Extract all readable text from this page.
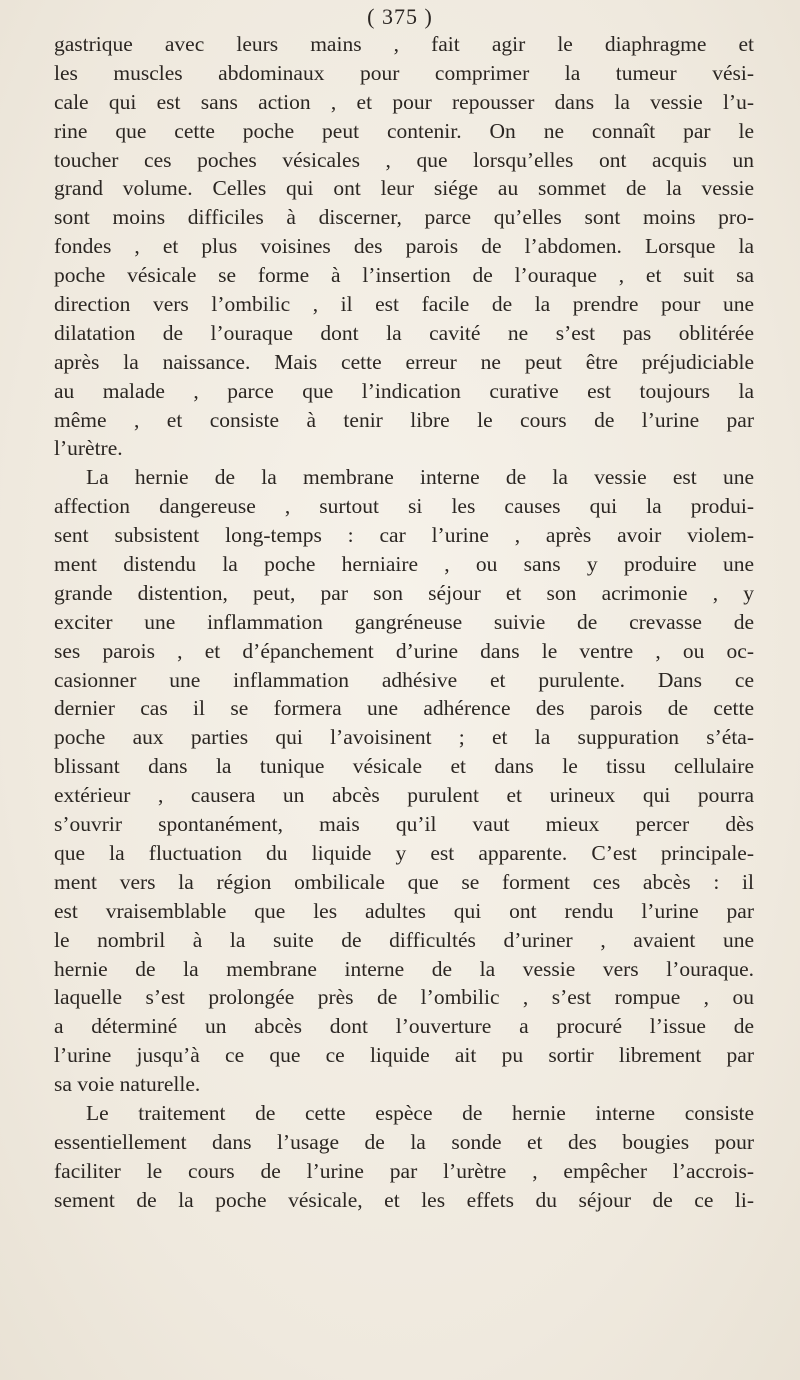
( 375 )
gastrique avec leurs mains , fait agir le diaphragme et
les muscles abdominaux pour comprimer la tumeur vési-
cale qui est sans action , et pour repousser dans la vessie l’u-
rine que cette poche peut contenir. On ne connaît par le
toucher ces poches vésicales , que lorsqu’elles ont acquis un
grand volume. Celles qui ont leur siége au sommet de la vessie
sont moins difficiles à discerner, parce qu’elles sont moins pro-
fondes , et plus voisines des parois de l’abdomen. Lorsque la
poche vésicale se forme à l’insertion de l’ouraque , et suit sa
direction vers l’ombilic , il est facile de la prendre pour une
dilatation de l’ouraque dont la cavité ne s’est pas oblitérée
après la naissance. Mais cette erreur ne peut être préjudiciable
au malade , parce que l’indication curative est toujours la
même , et consiste à tenir libre le cours de l’urine par
l’urètre.
La hernie de la membrane interne de la vessie est une
affection dangereuse , surtout si les causes qui la produi-
sent subsistent long-temps : car l’urine , après avoir violem-
ment distendu la poche herniaire , ou sans y produire une
grande distention, peut, par son séjour et son acrimonie , y
exciter une inflammation gangréneuse suivie de crevasse de
ses parois , et d’épanchement d’urine dans le ventre , ou oc-
casionner une inflammation adhésive et purulente. Dans ce
dernier cas il se formera une adhérence des parois de cette
poche aux parties qui l’avoisinent ; et la suppuration s’éta-
blissant dans la tunique vésicale et dans le tissu cellulaire
extérieur , causera un abcès purulent et urineux qui pourra
s’ouvrir spontanément, mais qu’il vaut mieux percer dès
que la fluctuation du liquide y est apparente. C’est principale-
ment vers la région ombilicale que se forment ces abcès : il
est vraisemblable que les adultes qui ont rendu l’urine par
le nombril à la suite de difficultés d’uriner , avaient une
hernie de la membrane interne de la vessie vers l’ouraque.
laquelle s’est prolongée près de l’ombilic , s’est rompue , ou
a déterminé un abcès dont l’ouverture a procuré l’issue de
l’urine jusqu’à ce que ce liquide ait pu sortir librement par
sa voie naturelle.
Le traitement de cette espèce de hernie interne consiste
essentiellement dans l’usage de la sonde et des bougies pour
faciliter le cours de l’urine par l’urètre , empêcher l’accrois-
sement de la poche vésicale, et les effets du séjour de ce li-
